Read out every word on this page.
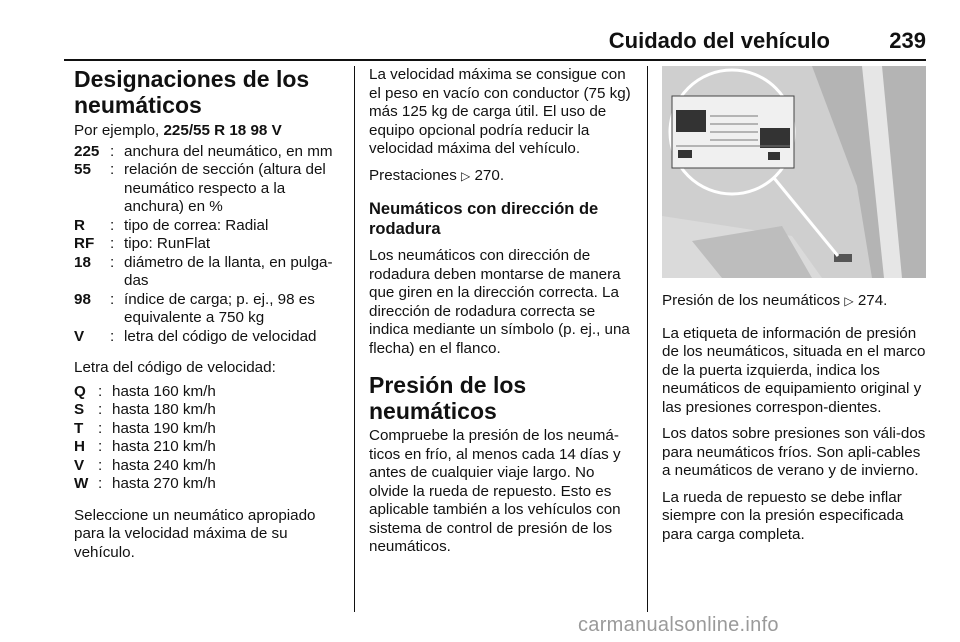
Cuidado del vehículo	239
Designaciones de los neumáticos
Por ejemplo, 225/55 R 18 98 V
225 : anchura del neumático, en mm
55	: relación de sección (altura del neumático respecto a la anchura) en %
R	: tipo de correa: Radial
RF	: tipo: RunFlat
18	: diámetro de la llanta, en pulga-das
98	: índice de carga; p. ej., 98 es equivalente a 750 kg
V	: letra del código de velocidad

Letra del código de velocidad:

Q : hasta 160 km/h
S : hasta 180 km/h
T : hasta 190 km/h
H : hasta 210 km/h
V : hasta 240 km/h
W : hasta 270 km/h

Seleccione un neumático apropiado para la velocidad máxima de su vehículo.

La velocidad máxima se consigue con el peso en vacío con conductor (75 kg) más 125 kg de carga útil. El uso de equipo opcional podría reducir la velocidad máxima del vehículo.

Prestaciones ▷ 270.

Neumáticos con dirección de rodadura

Los neumáticos con dirección de rodadura deben montarse de manera que giren en la dirección correcta. La dirección de rodadura correcta se indica mediante un símbolo (p. ej., una flecha) en el flanco.

Presión de los neumáticos

Compruebe la presión de los neumá-ticos en frío, al menos cada 14 días y antes de cualquier viaje largo. No olvide la rueda de repuesto. Esto es aplicable también a los vehículos con sistema de control de presión de los neumáticos.

Presión de los neumáticos ▷ 274.

La etiqueta de información de presión de los neumáticos, situada en el marco de la puerta izquierda, indica los neumáticos de equipamiento original y las presiones correspon-dientes.

Los datos sobre presiones son váli-dos para neumáticos fríos. Son apli-cables a neumáticos de verano y de invierno.

La rueda de repuesto se debe inflar siempre con la presión especificada para carga completa.

carmanualsonline.info
